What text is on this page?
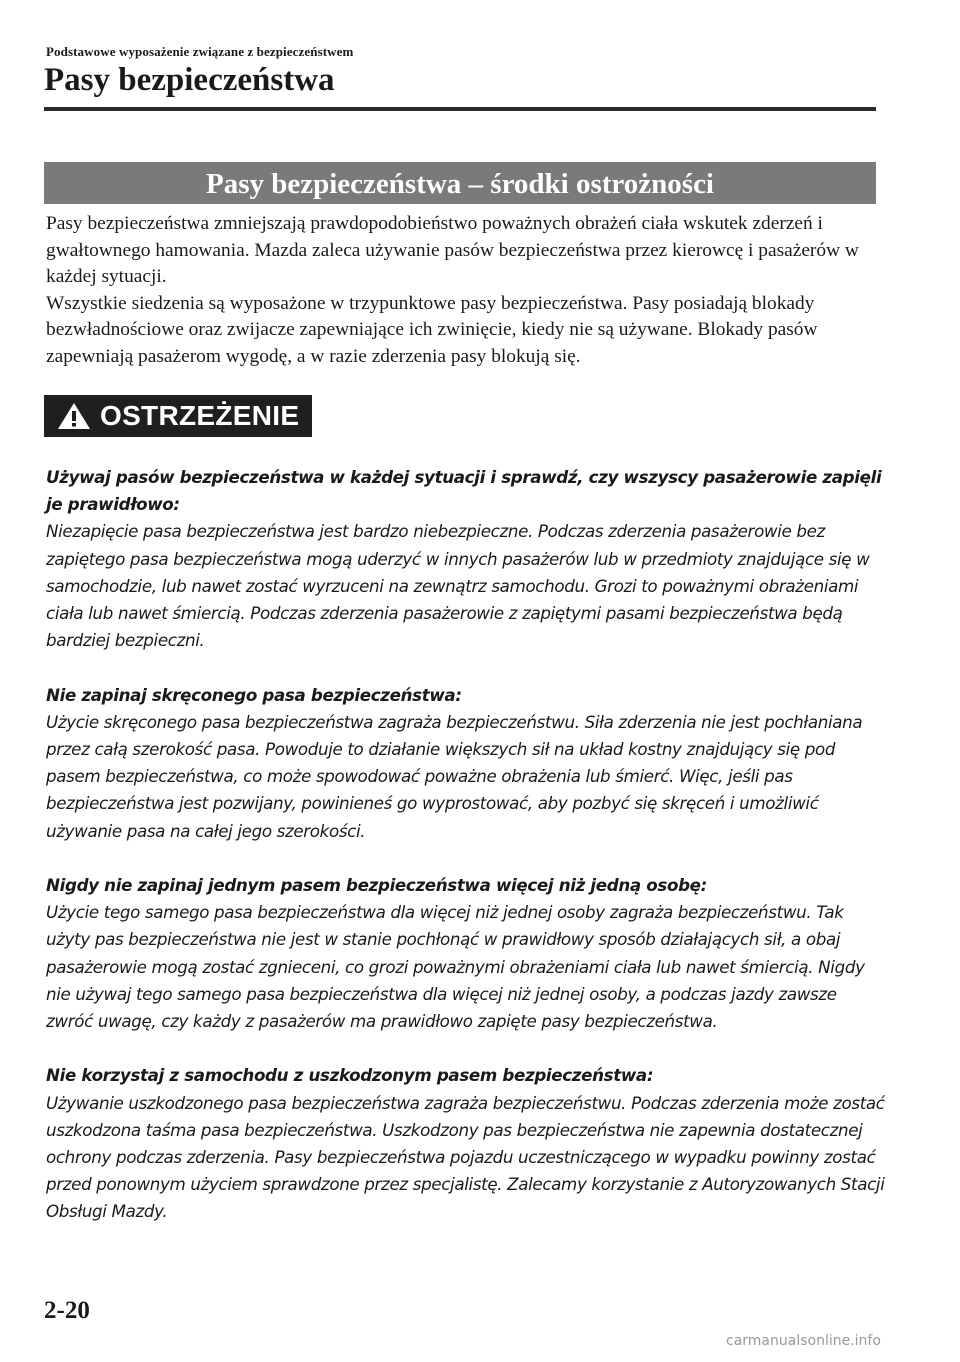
Podstawowe wyposażenie związane z bezpieczeństwem
Pasy bezpieczeństwa
Pasy bezpieczeństwa – środki ostrożności

Pasy bezpieczeństwa zmniejszają prawdopodobieństwo poważnych obrażeń ciała wskutek zderzeń i gwałtownego hamowania. Mazda zaleca używanie pasów bezpieczeństwa przez kierowcę i pasażerów w każdej sytuacji.

Wszystkie siedzenia są wyposażone w trzypunktowe pasy bezpieczeństwa. Pasy posiadają blokady bezwładnościowe oraz zwijacze zapewniające ich zwinięcie, kiedy nie są używane. Blokady pasów zapewniają pasażerom wygodę, a w razie zderzenia pasy blokują się.

OSTRZEŻENIE
Używaj pasów bezpieczeństwa w każdej sytuacji i sprawdź, czy wszyscy pasażerowie zapięli je prawidłowo:
Niezapięcie pasa bezpieczeństwa jest bardzo niebezpieczne. Podczas zderzenia pasażerowie bez zapiętego pasa bezpieczeństwa mogą uderzyć w innych pasażerów lub w przedmioty znajdujące się w samochodzie, lub nawet zostać wyrzuceni na zewnątrz samochodu. Grozi to poważnymi obrażeniami ciała lub nawet śmiercią. Podczas zderzenia pasażerowie z zapiętymi pasami bezpieczeństwa będą bardziej bezpieczni.
Nie zapinaj skręconego pasa bezpieczeństwa:
Użycie skręconego pasa bezpieczeństwa zagraża bezpieczeństwu. Siła zderzenia nie jest pochłaniana przez całą szerokość pasa. Powoduje to działanie większych sił na układ kostny znajdujący się pod pasem bezpieczeństwa, co może spowodować poważne obrażenia lub śmierć. Więc, jeśli pas bezpieczeństwa jest pozwijany, powinieneś go wyprostować, aby pozbyć się skręceń i umożliwić używanie pasa na całej jego szerokości.
Nigdy nie zapinaj jednym pasem bezpieczeństwa więcej niż jedną osobę:
Użycie tego samego pasa bezpieczeństwa dla więcej niż jednej osoby zagraża bezpieczeństwu. Tak użyty pas bezpieczeństwa nie jest w stanie pochłonąć w prawidłowy sposób działających sił, a obaj pasażerowie mogą zostać zgnieceni, co grozi poważnymi obrażeniami ciała lub nawet śmiercią. Nigdy nie używaj tego samego pasa bezpieczeństwa dla więcej niż jednej osoby, a podczas jazdy zawsze zwróć uwagę, czy każdy z pasażerów ma prawidłowo zapięte pasy bezpieczeństwa.
Nie korzystaj z samochodu z uszkodzonym pasem bezpieczeństwa:
Używanie uszkodzonego pasa bezpieczeństwa zagraża bezpieczeństwu. Podczas zderzenia może zostać uszkodzona taśma pasa bezpieczeństwa. Uszkodzony pas bezpieczeństwa nie zapewnia dostatecznej ochrony podczas zderzenia. Pasy bezpieczeństwa pojazdu uczestniczącego w wypadku powinny zostać przed ponownym użyciem sprawdzone przez specjalistę. Zalecamy korzystanie z Autoryzowanych Stacji Obsługi Mazdy.
2-20
carmanualsonline.info
